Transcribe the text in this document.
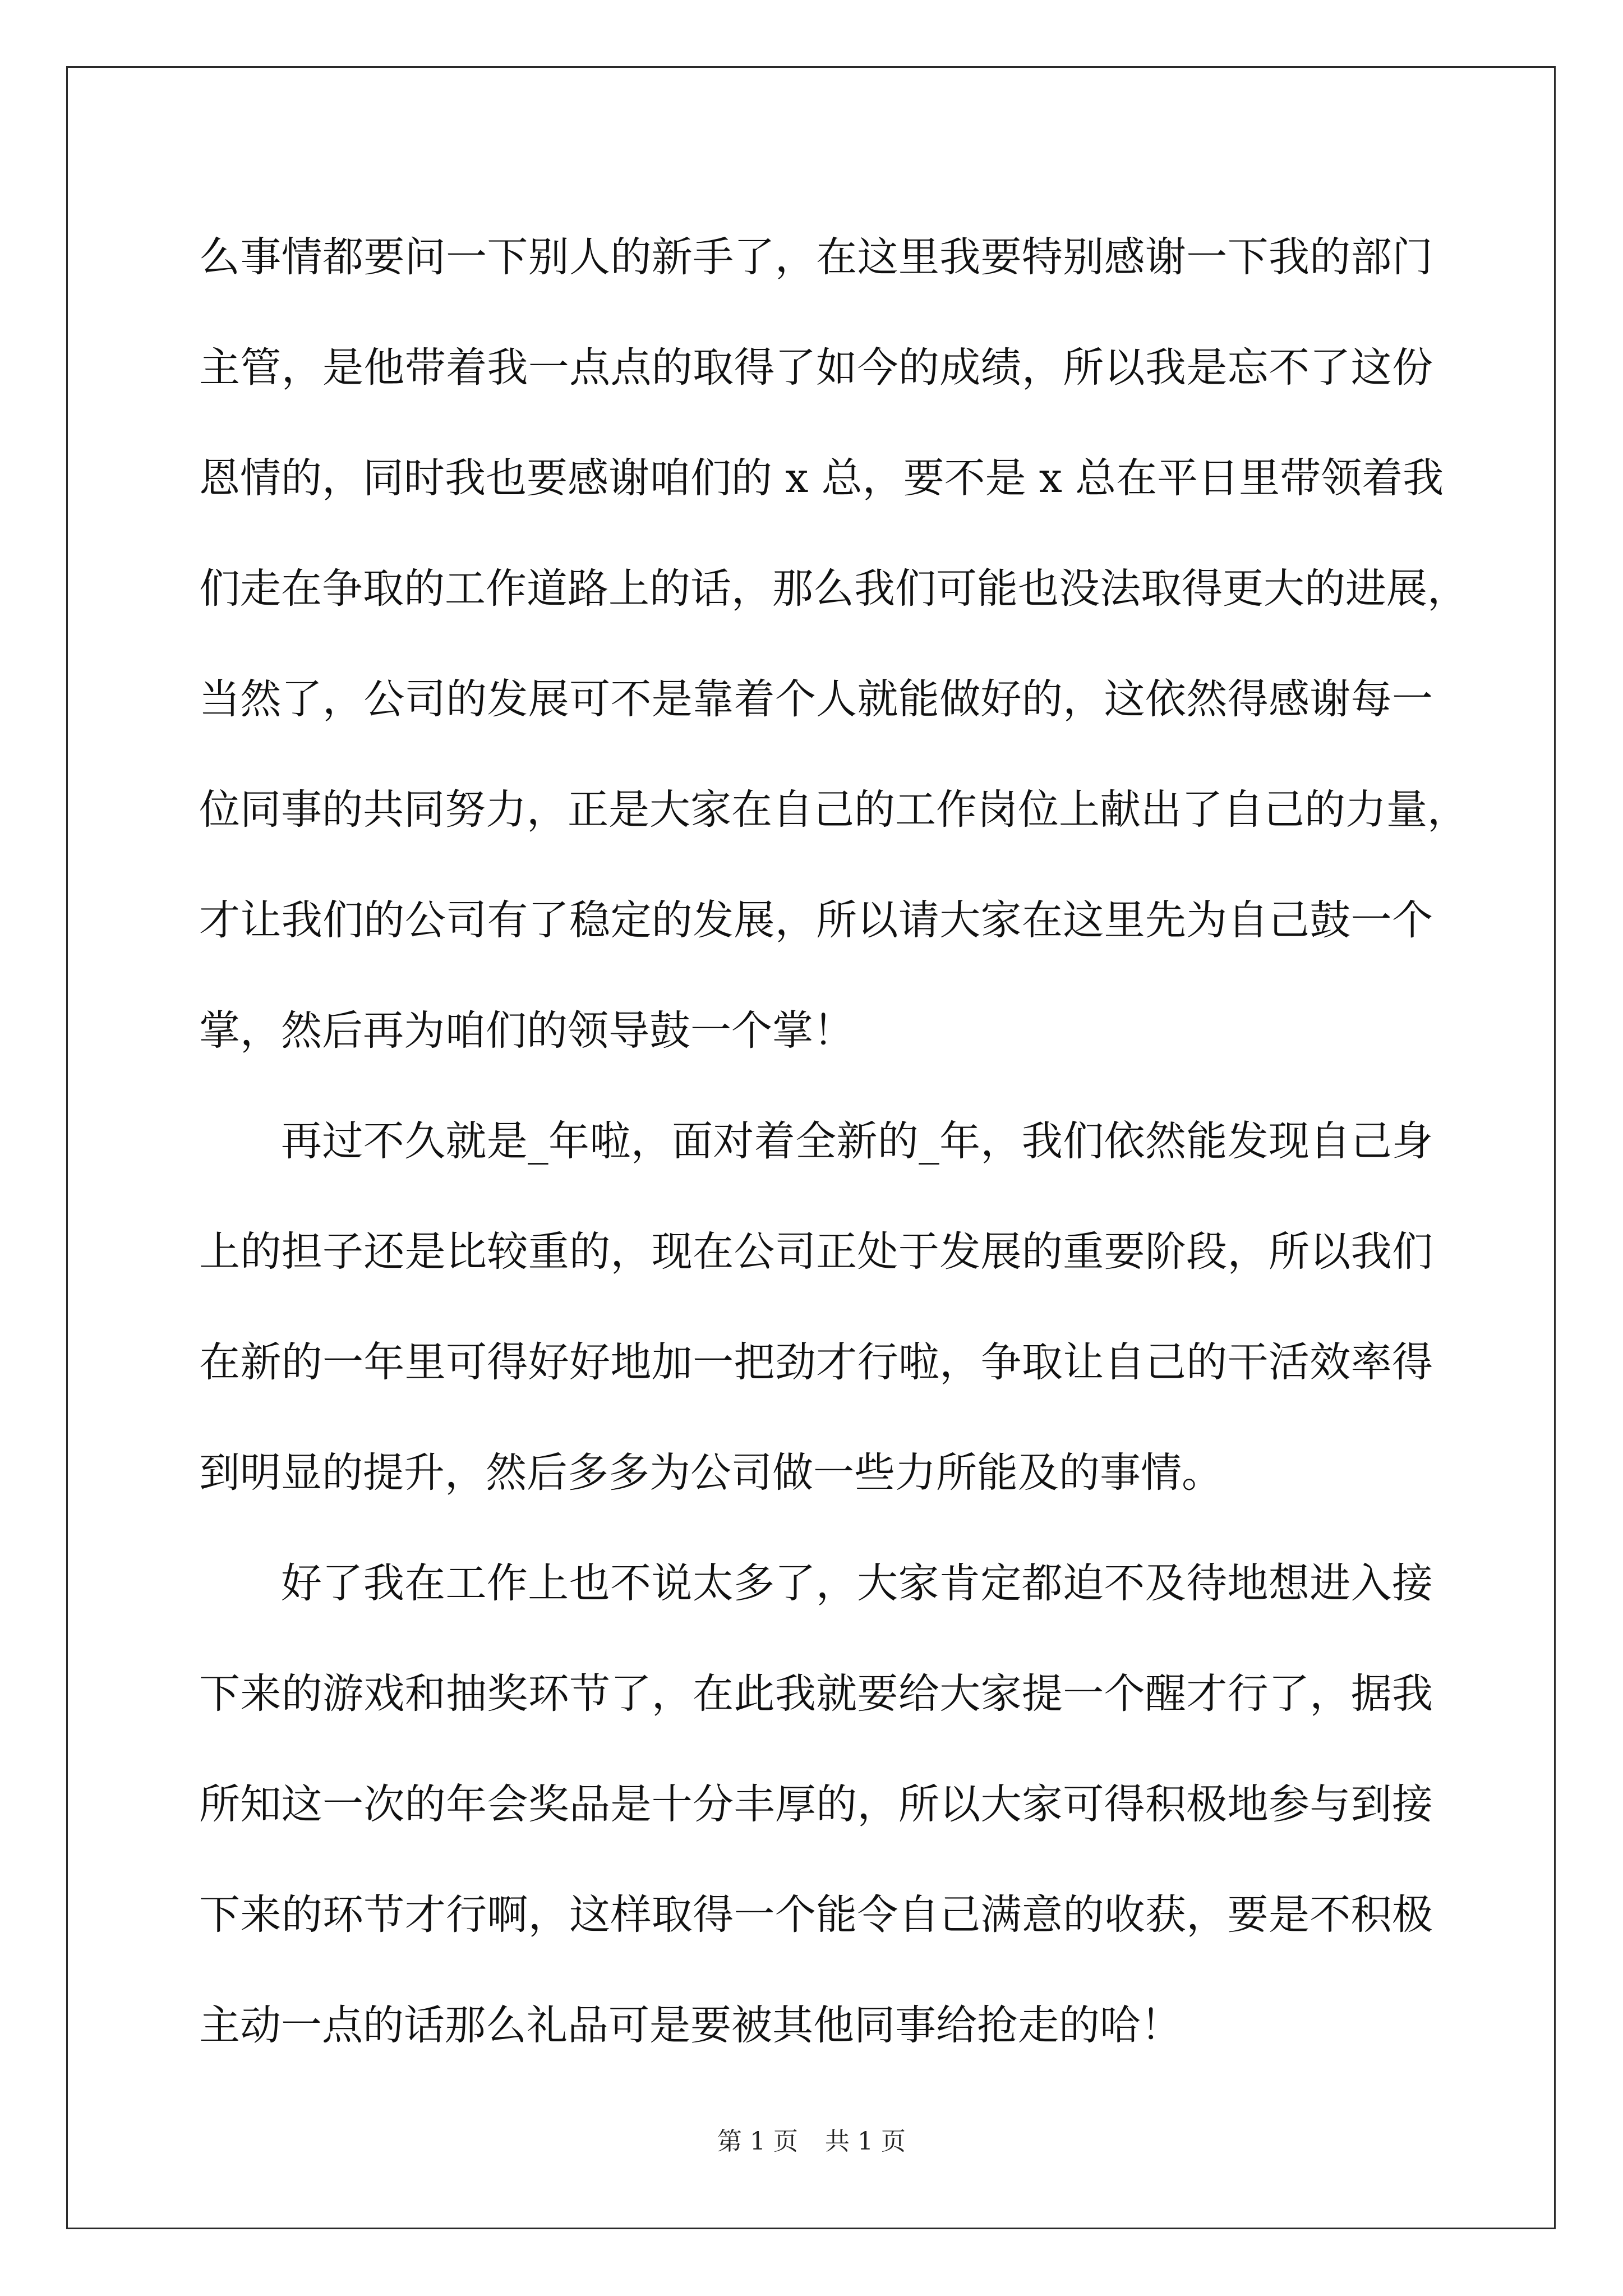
么事情都要问一下别人的新手了，在这里我要特别感谢一下我的部门
主管，是他带着我一点点的取得了如今的成绩，所以我是忘不了这份
恩情的，同时我也要感谢咱们的 x 总，要不是 x 总在平日里带领着我
们走在争取的工作道路上的话，那么我们可能也没法取得更大的进展，
当然了，公司的发展可不是靠着个人就能做好的，这依然得感谢每一
位同事的共同努力，正是大家在自己的工作岗位上献出了自己的力量，
才让我们的公司有了稳定的发展，所以请大家在这里先为自己鼓一个
掌，然后再为咱们的领导鼓一个掌！
再过不久就是_年啦，面对着全新的_年，我们依然能发现自己身
上的担子还是比较重的，现在公司正处于发展的重要阶段，所以我们
在新的一年里可得好好地加一把劲才行啦，争取让自己的干活效率得
到明显的提升，然后多多为公司做一些力所能及的事情。
好了我在工作上也不说太多了，大家肯定都迫不及待地想进入接
下来的游戏和抽奖环节了，在此我就要给大家提一个醒才行了，据我
所知这一次的年会奖品是十分丰厚的，所以大家可得积极地参与到接
下来的环节才行啊，这样取得一个能令自己满意的收获，要是不积极
主动一点的话那么礼品可是要被其他同事给抢走的哈！
第 1 页 共 1 页
